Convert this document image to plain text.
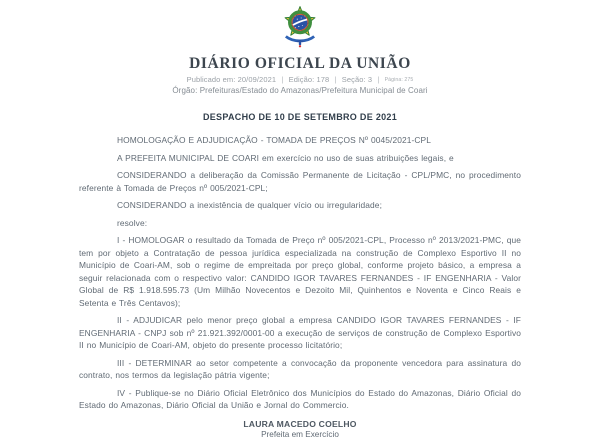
DIÁRIO OFICIAL DA UNIÃO
Publicado em: 20/09/2021 | Edição: 178 | Seção: 3 | Página: 275
Órgão: Prefeituras/Estado do Amazonas/Prefeitura Municipal de Coari
DESPACHO DE 10 DE SETEMBRO DE 2021

HOMOLOGAÇÃO E ADJUDICAÇÃO - TOMADA DE PREÇOS Nº 0045/2021-CPL

A PREFEITA MUNICIPAL DE COARI em exercício no uso de suas atribuições legais, e

CONSIDERANDO a deliberação da Comissão Permanente de Licitação - CPL/PMC, no procedimento referente à Tomada de Preços nº 005/2021-CPL;

CONSIDERANDO a inexistência de qualquer vício ou irregularidade;

resolve:

I - HOMOLOGAR o resultado da Tomada de Preço nº 005/2021-CPL, Processo nº 2013/2021-PMC, que tem por objeto a Contratação de pessoa jurídica especializada na construção de Complexo Esportivo II no Município de Coari-AM, sob o regime de empreitada por preço global, conforme projeto básico, a empresa a seguir relacionada com o respectivo valor: CANDIDO IGOR TAVARES FERNANDES - IF ENGENHARIA - Valor Global de R$ 1.918.595.73 (Um Milhão Novecentos e Dezoito Mil, Quinhentos e Noventa e Cinco Reais e Setenta e Três Centavos);

II - ADJUDICAR pelo menor preço global a empresa CANDIDO IGOR TAVARES FERNANDES - IF ENGENHARIA - CNPJ sob nº 21.921.392/0001-00 a execução de serviços de construção de Complexo Esportivo II no Município de Coari-AM, objeto do presente processo licitatório;

III - DETERMINAR ao setor competente a convocação da proponente vencedora para assinatura do contrato, nos termos da legislação pátria vigente;

IV - Publique-se no Diário Oficial Eletrônico dos Municípios do Estado do Amazonas, Diário Oficial do Estado do Amazonas, Diário Oficial da União e Jornal do Commercio.

LAURA MACEDO COELHO
Prefeita em Exercício
